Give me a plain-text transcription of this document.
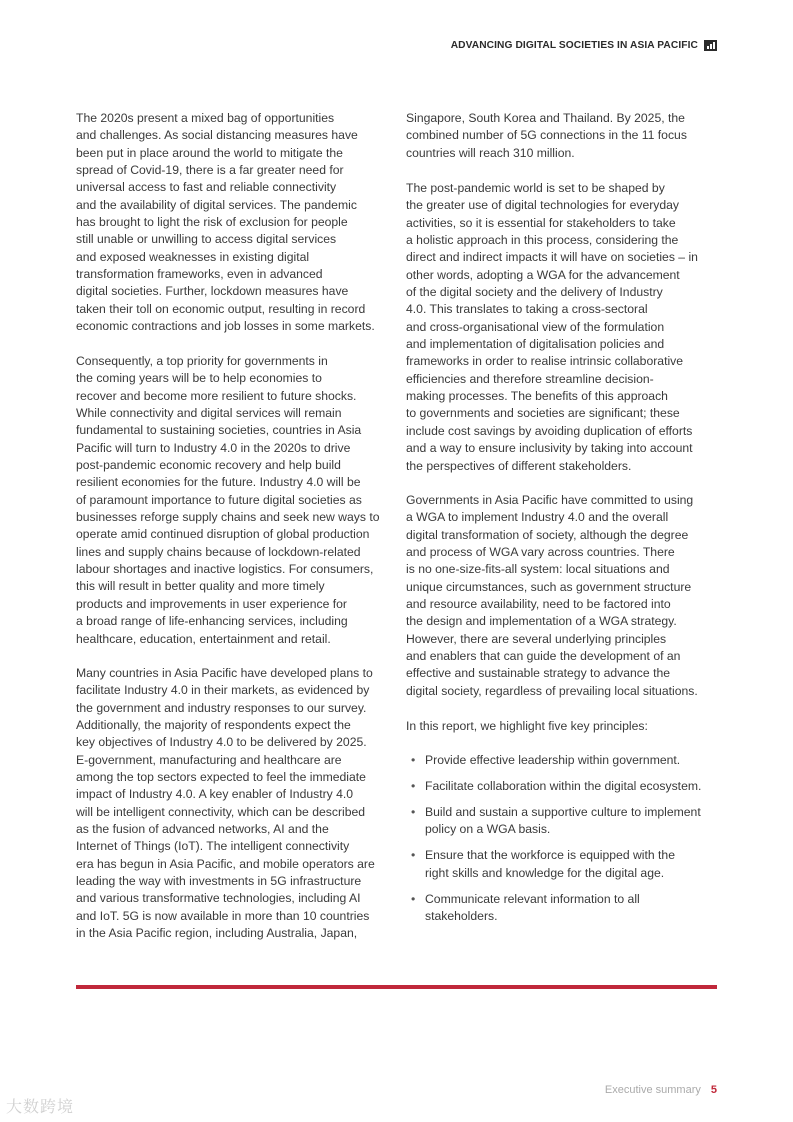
ADVANCING DIGITAL SOCIETIES IN ASIA PACIFIC

The 2020s present a mixed bag of opportunities
and challenges. As social distancing measures have
been put in place around the world to mitigate the
spread of Covid-19, there is a far greater need for
universal access to fast and reliable connectivity
and the availability of digital services. The pandemic
has brought to light the risk of exclusion for people
still unable or unwilling to access digital services
and exposed weaknesses in existing digital
transformation frameworks, even in advanced
digital societies. Further, lockdown measures have
taken their toll on economic output, resulting in record
economic contractions and job losses in some markets.

Consequently, a top priority for governments in
the coming years will be to help economies to
recover and become more resilient to future shocks.
While connectivity and digital services will remain
fundamental to sustaining societies, countries in Asia
Pacific will turn to Industry 4.0 in the 2020s to drive
post-pandemic economic recovery and help build
resilient economies for the future. Industry 4.0 will be
of paramount importance to future digital societies as
businesses reforge supply chains and seek new ways to
operate amid continued disruption of global production
lines and supply chains because of lockdown-related
labour shortages and inactive logistics. For consumers,
this will result in better quality and more timely
products and improvements in user experience for
a broad range of life-enhancing services, including
healthcare, education, entertainment and retail.

Many countries in Asia Pacific have developed plans to
facilitate Industry 4.0 in their markets, as evidenced by
the government and industry responses to our survey.
Additionally, the majority of respondents expect the
key objectives of Industry 4.0 to be delivered by 2025.
E-government, manufacturing and healthcare are
among the top sectors expected to feel the immediate
impact of Industry 4.0. A key enabler of Industry 4.0
will be intelligent connectivity, which can be described
as the fusion of advanced networks, AI and the
Internet of Things (IoT). The intelligent connectivity
era has begun in Asia Pacific, and mobile operators are
leading the way with investments in 5G infrastructure
and various transformative technologies, including AI
and IoT. 5G is now available in more than 10 countries
in the Asia Pacific region, including Australia, Japan,

Singapore, South Korea and Thailand. By 2025, the
combined number of 5G connections in the 11 focus
countries will reach 310 million.

The post-pandemic world is set to be shaped by
the greater use of digital technologies for everyday
activities, so it is essential for stakeholders to take
a holistic approach in this process, considering the
direct and indirect impacts it will have on societies – in
other words, adopting a WGA for the advancement
of the digital society and the delivery of Industry
4.0. This translates to taking a cross-sectoral
and cross-organisational view of the formulation
and implementation of digitalisation policies and
frameworks in order to realise intrinsic collaborative
efficiencies and therefore streamline decision-
making processes. The benefits of this approach
to governments and societies are significant; these
include cost savings by avoiding duplication of efforts
and a way to ensure inclusivity by taking into account
the perspectives of different stakeholders.

Governments in Asia Pacific have committed to using
a WGA to implement Industry 4.0 and the overall
digital transformation of society, although the degree
and process of WGA vary across countries. There
is no one-size-fits-all system: local situations and
unique circumstances, such as government structure
and resource availability, need to be factored into
the design and implementation of a WGA strategy.
However, there are several underlying principles
and enablers that can guide the development of an
effective and sustainable strategy to advance the
digital society, regardless of prevailing local situations.

In this report, we highlight five key principles:

• Provide effective leadership within government.
• Facilitate collaboration within the digital ecosystem.
• Build and sustain a supportive culture to implement
policy on a WGA basis.
• Ensure that the workforce is equipped with the
right skills and knowledge for the digital age.
• Communicate relevant information to all
stakeholders.
Executive summary 5
大数跨境
